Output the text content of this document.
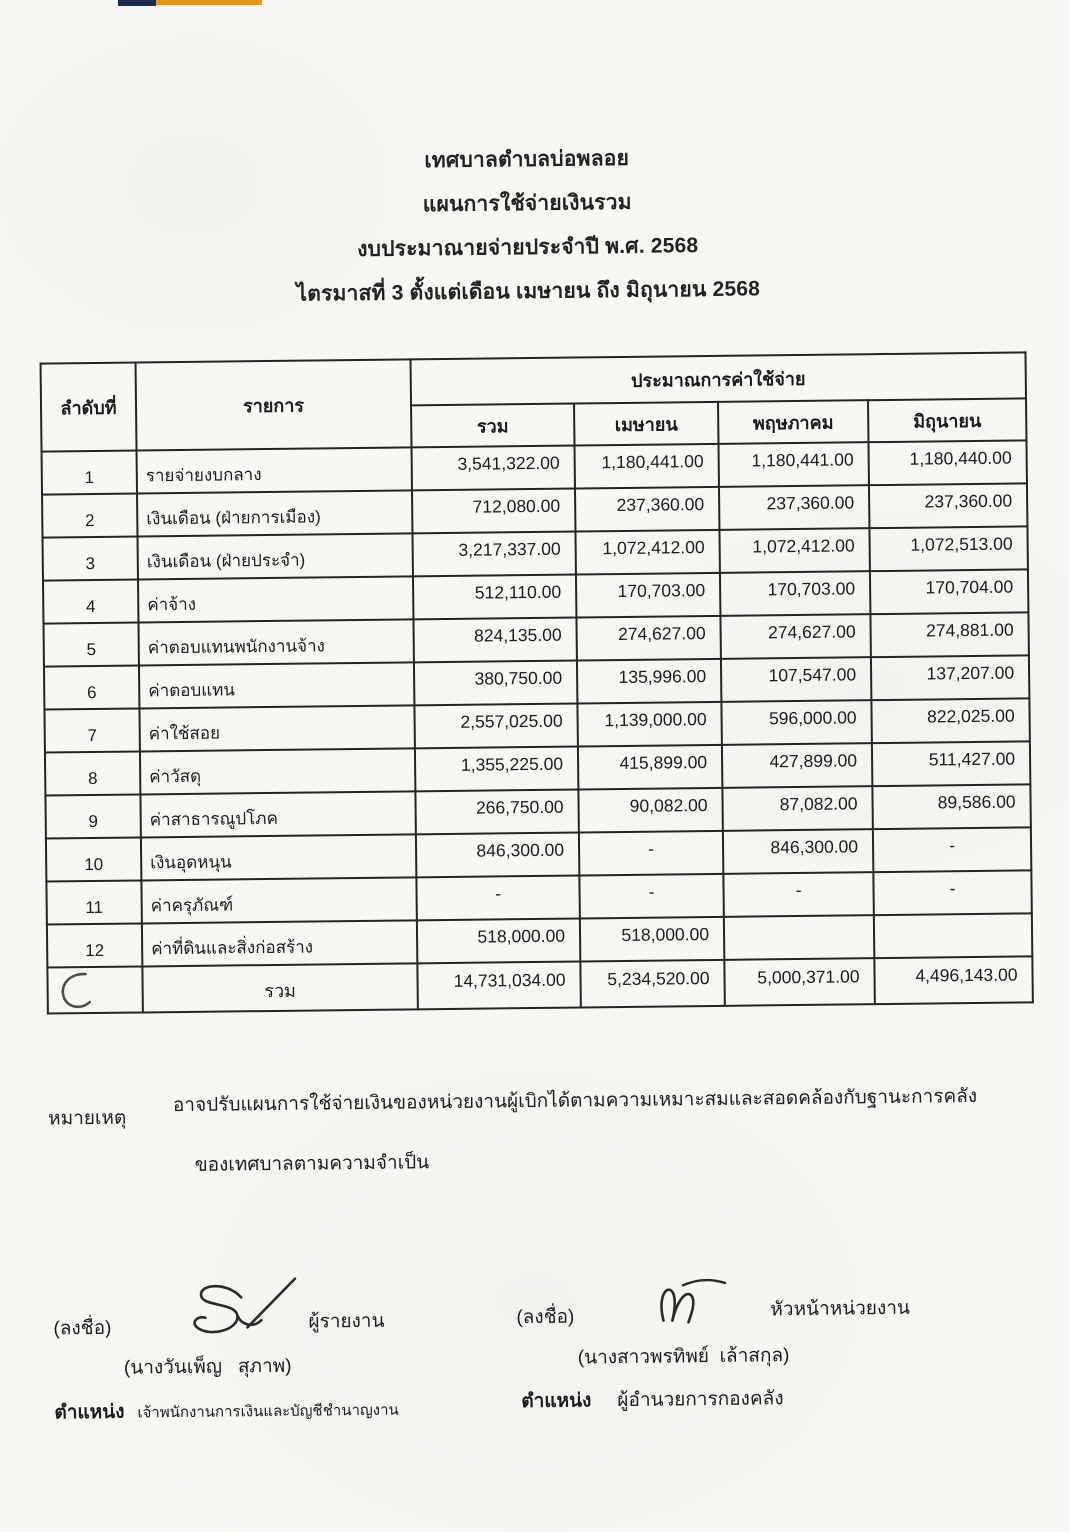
เทศบาลตำบลบ่อพลอย
แผนการใช้จ่ายเงินรวม
งบประมาณายจ่ายประจำปี พ.ศ. 2568
ไตรมาสที่ 3 ตั้งแต่เดือน เมษายน ถึง มิถุนายน 2568
ลำดับที่	รายการ	ประมาณการค่าใช้จ่าย			
		รวม	เมษายน	พฤษภาคม	มิถุนายน
1	รายจ่ายงบกลาง	3,541,322.00	1,180,441.00	1,180,441.00	1,180,440.00
2	เงินเดือน (ฝ่ายการเมือง)	712,080.00	237,360.00	237,360.00	237,360.00
3	เงินเดือน (ฝ่ายประจำ)	3,217,337.00	1,072,412.00	1,072,412.00	1,072,513.00
4	ค่าจ้าง	512,110.00	170,703.00	170,703.00	170,704.00
5	ค่าตอบแทนพนักงานจ้าง	824,135.00	274,627.00	274,627.00	274,881.00
6	ค่าตอบแทน	380,750.00	135,996.00	107,547.00	137,207.00
7	ค่าใช้สอย	2,557,025.00	1,139,000.00	596,000.00	822,025.00
8	ค่าวัสดุ	1,355,225.00	415,899.00	427,899.00	511,427.00
9	ค่าสาธารณูปโภค	266,750.00	90,082.00	87,082.00	89,586.00
10	เงินอุดหนุน	846,300.00	-	846,300.00	-
11	ค่าครุภัณฑ์	-	-	-	-
12	ค่าที่ดินและสิ่งก่อสร้าง	518,000.00	518,000.00		
	รวม	14,731,034.00	5,234,520.00	5,000,371.00	4,496,143.00
หมายเหตุ
อาจปรับแผนการใช้จ่ายเงินของหน่วยงานผู้เบิกได้ตามความเหมาะสมและสอดคล้องกับฐานะการคลัง
ของเทศบาลตามความจำเป็น
(ลงชื่อ)	ผู้รายงาน
(นางวันเพ็ญ   สุภาพ)
ตำแหน่ง เจ้าพนักงานการเงินและบัญชีชำนาญงาน
(ลงชื่อ)	หัวหน้าหน่วยงาน
(นางสาวพรทิพย์  เล้าสกุล)
ตำแหน่ง ผู้อำนวยการกองคลัง
